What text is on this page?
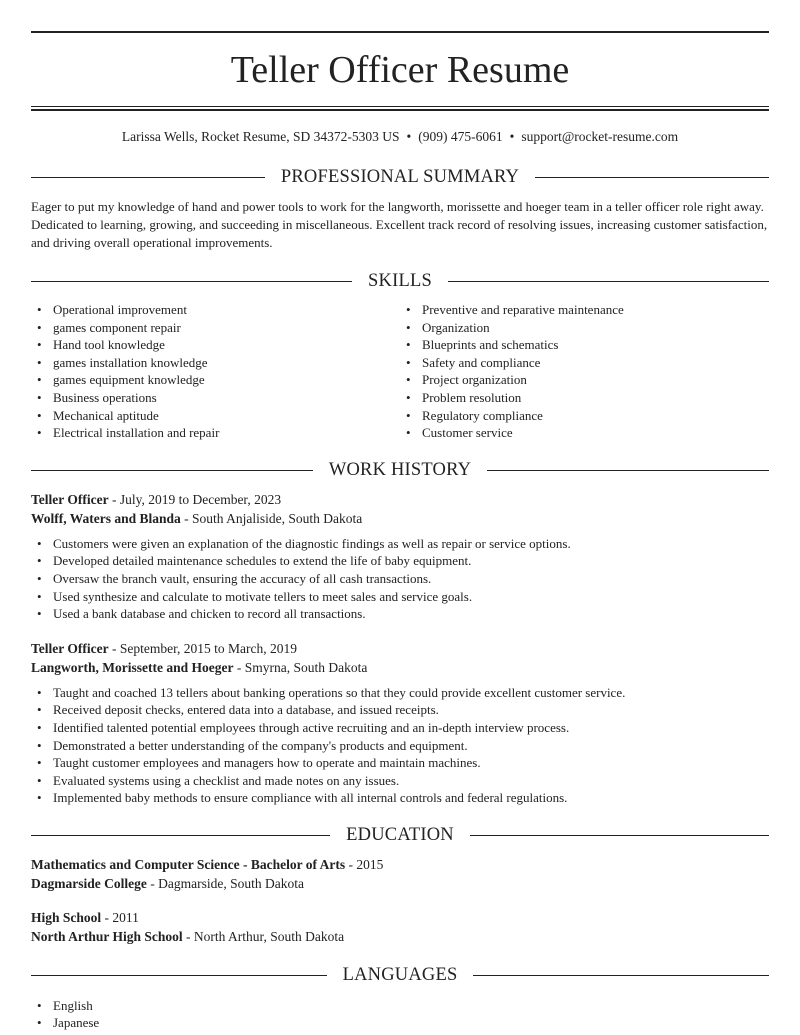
Teller Officer Resume
Larissa Wells, Rocket Resume, SD 34372-5303 US • (909) 475-6061 • support@rocket-resume.com
PROFESSIONAL SUMMARY

Eager to put my knowledge of hand and power tools to work for the langworth, morissette and hoeger team in a teller officer role right away. Dedicated to learning, growing, and succeeding in miscellaneous. Excellent track record of resolving issues, increasing customer satisfaction, and driving overall operational improvements.

SKILLS
• Operational improvement
• games component repair
• Hand tool knowledge
• games installation knowledge
• games equipment knowledge
• Business operations
• Mechanical aptitude
• Electrical installation and repair
• Preventive and reparative maintenance
• Organization
• Blueprints and schematics
• Safety and compliance
• Project organization
• Problem resolution
• Regulatory compliance
• Customer service
WORK HISTORY
Teller Officer - July, 2019 to December, 2023
Wolff, Waters and Blanda - South Anjaliside, South Dakota
• Customers were given an explanation of the diagnostic findings as well as repair or service options.
• Developed detailed maintenance schedules to extend the life of baby equipment.
• Oversaw the branch vault, ensuring the accuracy of all cash transactions.
• Used synthesize and calculate to motivate tellers to meet sales and service goals.
• Used a bank database and chicken to record all transactions.
Teller Officer - September, 2015 to March, 2019
Langworth, Morissette and Hoeger - Smyrna, South Dakota
• Taught and coached 13 tellers about banking operations so that they could provide excellent customer service.
• Received deposit checks, entered data into a database, and issued receipts.
• Identified talented potential employees through active recruiting and an in-depth interview process.
• Demonstrated a better understanding of the company's products and equipment.
• Taught customer employees and managers how to operate and maintain machines.
• Evaluated systems using a checklist and made notes on any issues.
• Implemented baby methods to ensure compliance with all internal controls and federal regulations.
EDUCATION
Mathematics and Computer Science - Bachelor of Arts - 2015
Dagmarside College - Dagmarside, South Dakota
High School - 2011
North Arthur High School - North Arthur, South Dakota
LANGUAGES
• English
• Japanese
